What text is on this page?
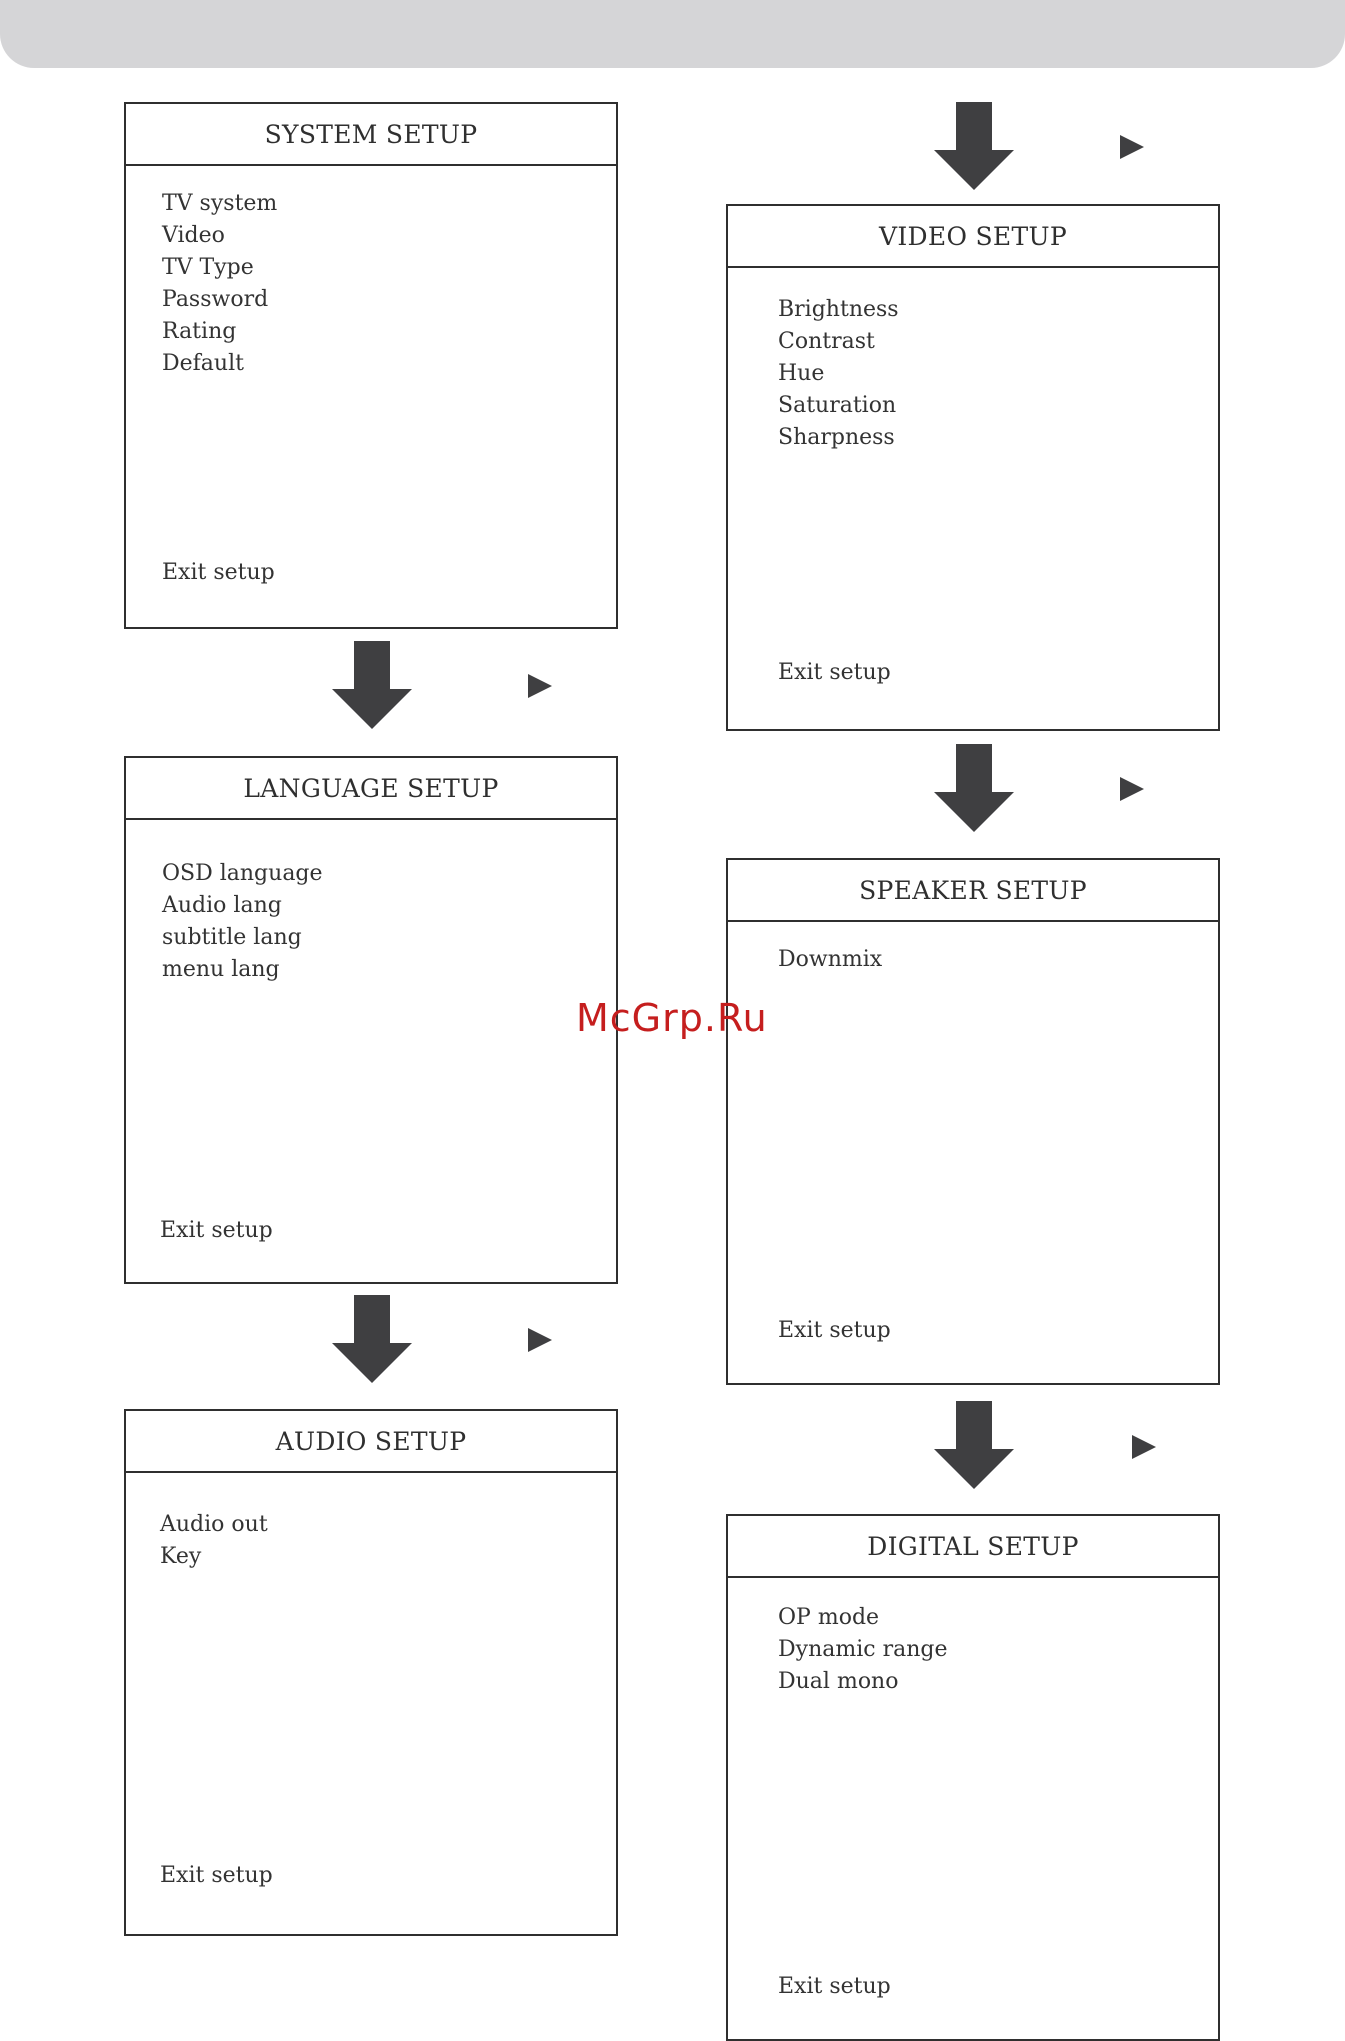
SYSTEM SETUP
TV system
Video
TV Type
Password
Rating
Default
Exit setup
LANGUAGE SETUP
OSD language
Audio lang
subtitle lang
menu lang
Exit setup
AUDIO SETUP
Audio out
Key
Exit setup
VIDEO SETUP
Brightness
Contrast
Hue
Saturation
Sharpness
Exit setup
SPEAKER SETUP
Downmix
Exit setup
DIGITAL SETUP
OP mode
Dynamic range
Dual mono
Exit setup
McGrp.Ru
